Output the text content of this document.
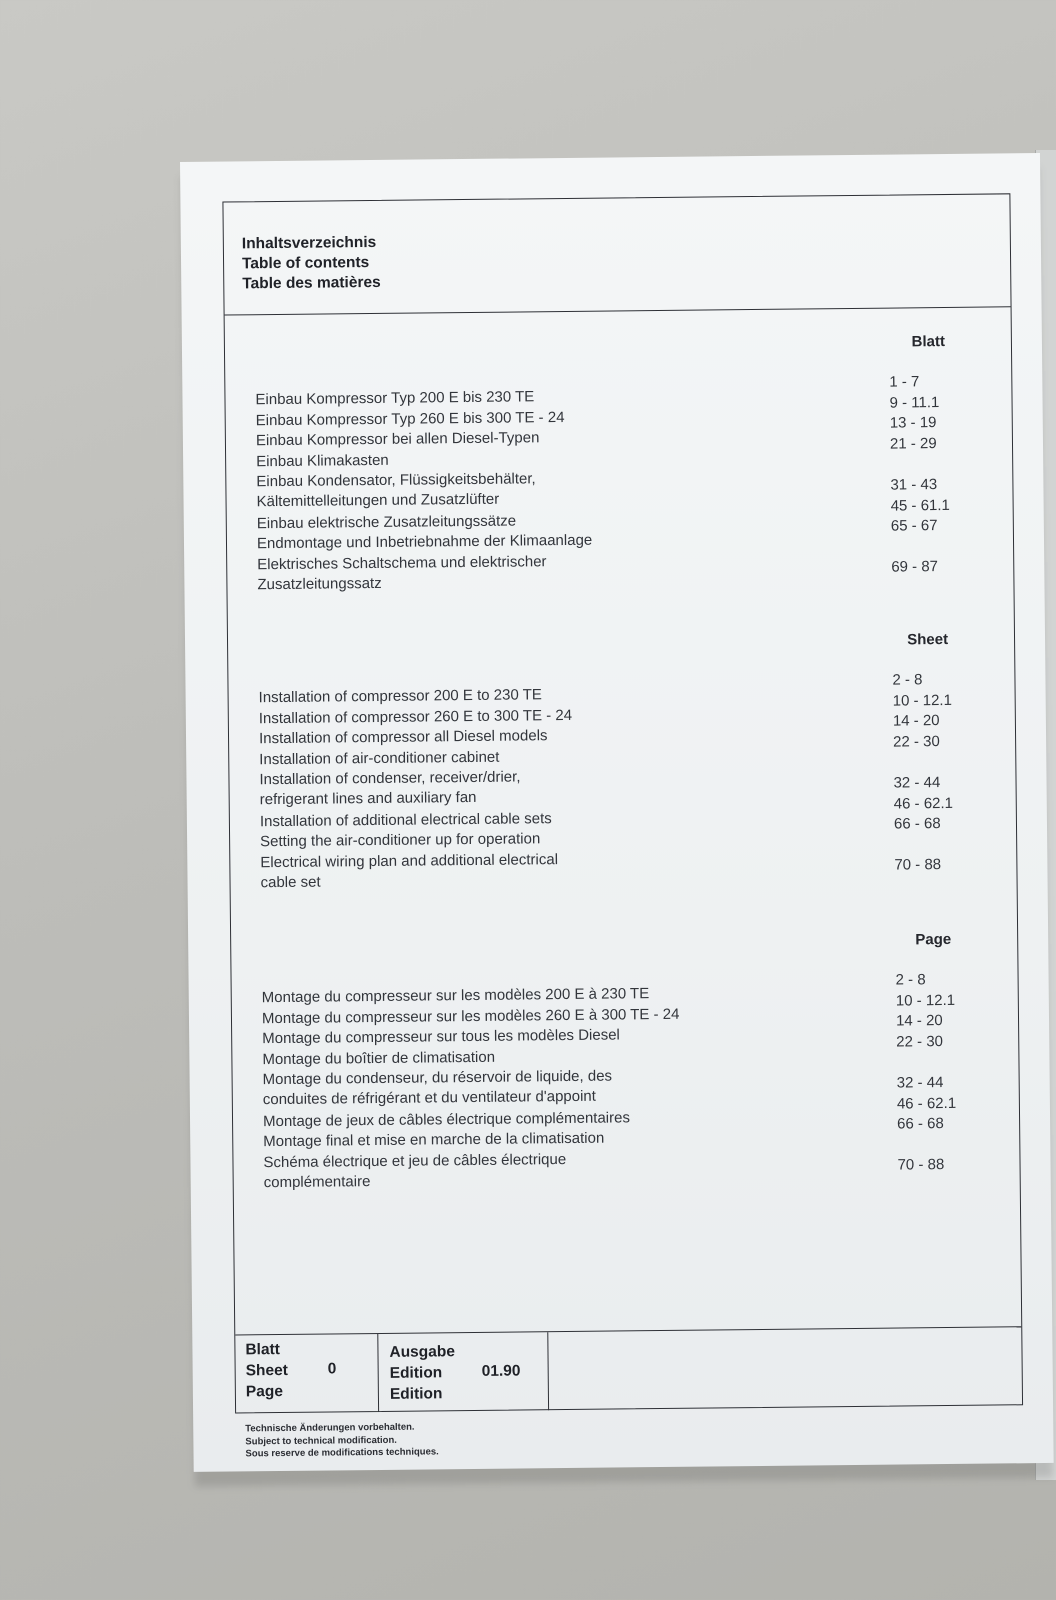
Inhaltsverzeichnis
Table of contents
Table des matières
Blatt
Einbau Kompressor Typ 200 E bis 230 TE
1 - 7
Einbau Kompressor Typ 260 E bis 300 TE - 24
9 - 11.1
Einbau Kompressor bei allen Diesel-Typen
13 - 19
Einbau Klimakasten
21 - 29
Einbau Kondensator, Flüssigkeitsbehälter,
Kältemittelleitungen und Zusatzlüfter
31 - 43
Einbau elektrische Zusatzleitungssätze
45 - 61.1
Endmontage und Inbetriebnahme der Klimaanlage
65 - 67
Elektrisches Schaltschema und elektrischer
Zusatzleitungssatz
69 - 87
Sheet
Installation of compressor 200 E to 230 TE
2 - 8
Installation of compressor 260 E to 300 TE - 24
10 - 12.1
Installation of compressor all Diesel models
14 - 20
Installation of air-conditioner cabinet
22 - 30
Installation of condenser, receiver/drier,
refrigerant lines and auxiliary fan
32 - 44
Installation of additional electrical cable sets
46 - 62.1
Setting the air-conditioner up for operation
66 - 68
Electrical wiring plan and additional electrical
cable set
70 - 88
Page
Montage du compresseur sur les modèles 200 E à 230 TE
2 - 8
Montage du compresseur sur les modèles 260 E à 300 TE - 24
10 - 12.1
Montage du compresseur sur tous les modèles Diesel
14 - 20
Montage du boîtier de climatisation
22 - 30
Montage du condenseur, du réservoir de liquide, des
conduites de réfrigérant et du ventilateur d'appoint
32 - 44
Montage de jeux de câbles électrique complémentaires
46 - 62.1
Montage final et mise en marche de la climatisation
66 - 68
Schéma électrique et jeu de câbles électrique
complémentaire
70 - 88
Blatt
Sheet
Page
0
Ausgabe
Edition
Edition
01.90
Technische Änderungen vorbehalten.
Subject to technical modification.
Sous reserve de modifications techniques.
